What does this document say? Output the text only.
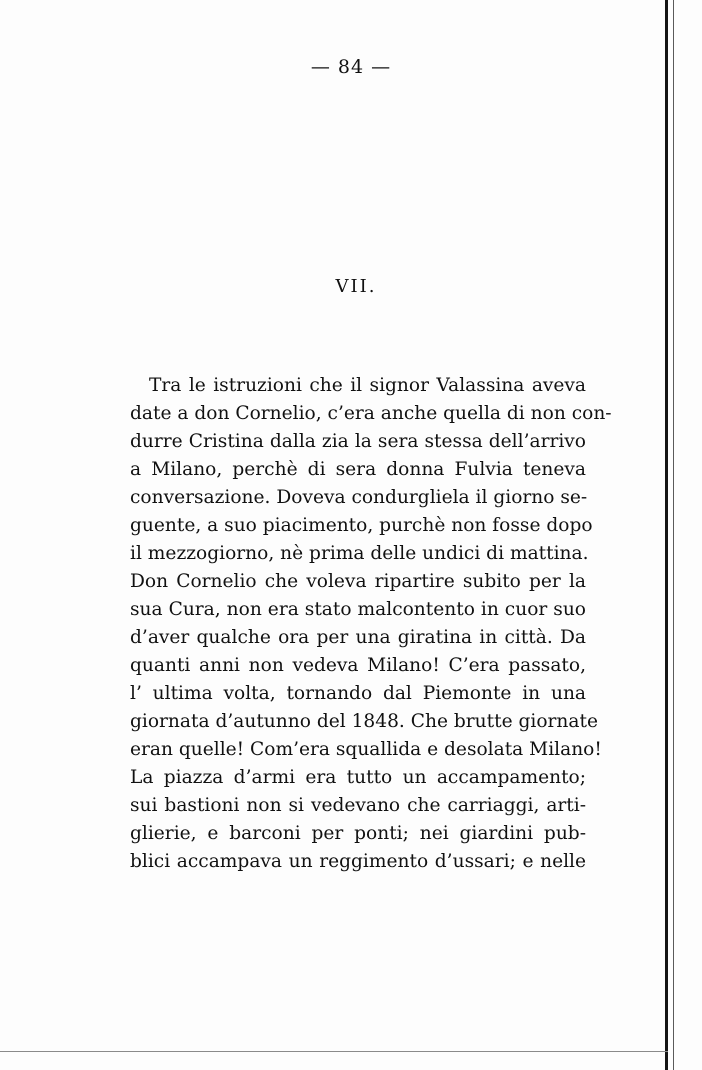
— 84 —
VII.
Tra le istruzioni che il signor Valassina aveva
date a don Cornelio, c’era anche quella di non con-
durre Cristina dalla zia la sera stessa dell’arrivo
a Milano, perchè di sera donna Fulvia teneva
conversazione. Doveva condurgliela il giorno se-
guente, a suo piacimento, purchè non fosse dopo
il mezzogiorno, nè prima delle undici di mattina.
Don Cornelio che voleva ripartire subito per la
sua Cura, non era stato malcontento in cuor suo
d’aver qualche ora per una giratina in città. Da
quanti anni non vedeva Milano! C’era passato,
l’ ultima volta, tornando dal Piemonte in una
giornata d’autunno del 1848. Che brutte giornate
eran quelle! Com’era squallida e desolata Milano!
La piazza d’armi era tutto un accampamento;
sui bastioni non si vedevano che carriaggi, arti-
glierie, e barconi per ponti; nei giardini pub-
blici accampava un reggimento d’ussari; e nelle
